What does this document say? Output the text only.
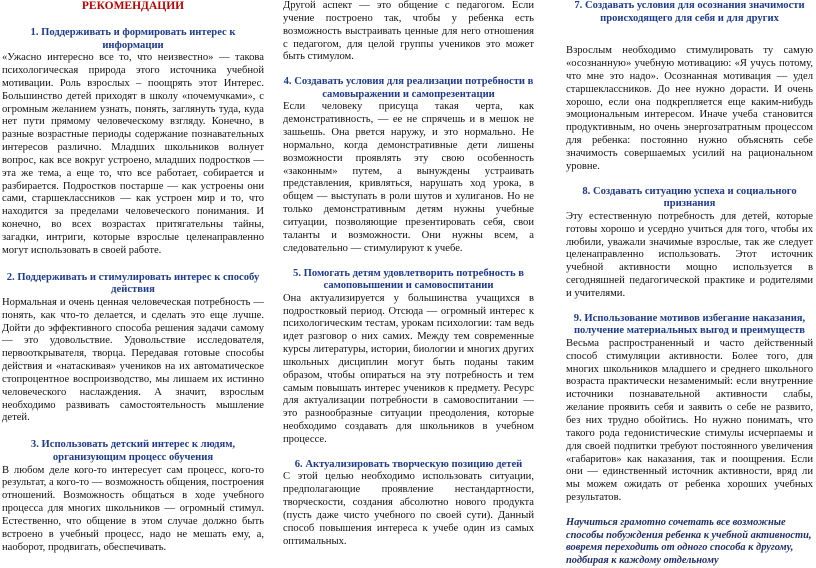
РЕКОМЕНДАЦИИ
1. Поддерживать и формировать интерес к информации
«Ужасно интересно все то, что неизвестно» — такова психологическая природа этого источника учебной мотивации. Роль взрослых – поощрять этот Интерес. Большинство детей приходят в школу «почемучками», с огромным желанием узнать, понять, заглянуть туда, куда нет пути прямому человеческому взгляду. Конечно, в разные возрастные периоды содержание познавательных интересов различно. Младших школьников волнует вопрос, как все вокруг устроено, младших подростков — эта же тема, а еще то, что все работает, собирается и разбирается. Подростков постарше — как устроены они сами, старшеклассников — как устроен мир и то, что находится за пределами человеческого понимания. И конечно, во всех возрастах притягательны тайны, загадки, интриги, которые взрослые целенаправленно могут использовать в своей работе.
2. Поддерживать и стимулировать интерес к способу действия
Нормальная и очень ценная человеческая потребность — понять, как что-то делается, и сделать это еще лучше. Дойти до эффективного способа решения задачи самому — это удовольствие. Удовольствие исследователя, первооткрывателя, творца. Передавая готовые способы действия и «натаскивая» учеников на их автоматическое стопроцентное воспроизводство, мы лишаем их истинно человеческого наслаждения. А значит, взрослым необходимо развивать самостоятельность мышление детей.
3. Использовать детский интерес к людям, организующим процесс обучения
В любом деле кого-то интересует сам процесс, кого-то результат, а кого-то — возможность общения, построения отношений. Возможность общаться в ходе учебного процесса для многих школьников — огромный стимул. Естественно, что общение в этом случае должно быть встроено в учебный процесс, надо не мешать ему, а, наоборот, продвигать, обеспечивать.
Другой аспект — это общение с педагогом. Если учение построено так, чтобы у ребенка есть возможность выстраивать ценные для него отношения с педагогом, для целой группы учеников это может быть стимулом.
4. Создавать условия для реализации потребности в самовыражении и самопрезентации
Если человеку присуща такая черта, как демонстративность, — ее не спрячешь и в мешок не зашьешь. Она рвется наружу, и это нормально. Не нормально, когда демонстративные дети лишены возможности проявлять эту свою особенность «законным» путем, а вынуждены устраивать представления, кривляться, нарушать ход урока, в общем — выступать в роли шутов и хулиганов. Но не только демонстративным детям нужны учебные ситуации, позволяющие презентировать себя, свои таланты и возможности. Они нужны всем, а следовательно — стимулируют к учебе.
5. Помогать детям удовлетворить потребность в самоповышении и самовоспитании
Она актуализируется у большинства учащихся в подростковый период. Отсюда — огромный интерес к психологическим тестам, урокам психологии: там ведь идет разговор о них самих. Между тем современные курсы литературы, истории, биологии и многих других школьных дисциплин могут быть поданы таким образом, чтобы опираться на эту потребность и тем самым повышать интерес учеников к предмету. Ресурс для актуализации потребности в самовоспитании — это разнообразные ситуации преодоления, которые необходимо создавать для школьников в учебном процессе.
6. Актуализировать творческую позицию детей
С этой целью необходимо использовать ситуации, предполагающие проявление нестандартности, творческости, создания абсолютно нового продукта (пусть даже чисто учебного по своей сути). Данный способ повышения интереса к учебе один из самых оптимальных.
7. Создавать условия для осознания значимости происходящего для себя и для других
Взрослым необходимо стимулировать ту самую «осознанную» учебную мотивацию: «Я учусь потому, что мне это надо». Осознанная мотивация — удел старшеклассников. До нее нужно дорасти. И очень хорошо, если она подкрепляется еще каким-нибудь эмоциональным интересом. Иначе учеба становится продуктивным, но очень энергозатратным процессом для ребенка: постоянно нужно объяснять себе значимость совершаемых усилий на рациональном уровне.
8. Создавать ситуацию успеха и социального признания
Эту естественную потребность для детей, которые готовы хорошо и усердно учиться для того, чтобы их любили, уважали значимые взрослые, так же следует целенаправленно использовать. Этот источник учебной активности мощно используется в сегодняшней педагогической практике и родителями и учителями.
9. Использование мотивов избегание наказания, получение материальных выгод и преимуществ
Весьма распространенный и часто действенный способ стимуляции активности. Более того, для многих школьников младшего и среднего школьного возраста практически незаменимый: если внутренние источники познавательной активности слабы, желание проявить себя и заявить о себе не развито, без них трудно обойтись. Но нужно понимать, что такого рода гедонистические стимулы исчерпаемы и для своей подпитки требуют постоянного увеличения «габаритов» как наказания, так и поощрения. Если они — единственный источник активности, вряд ли мы можем ожидать от ребенка хороших учебных результатов.
Научиться грамотно сочетать все возможные способы побуждения ребенка к учебной активности, вовремя переходить от одного способа к другому, подбирая к каждому отдельному
